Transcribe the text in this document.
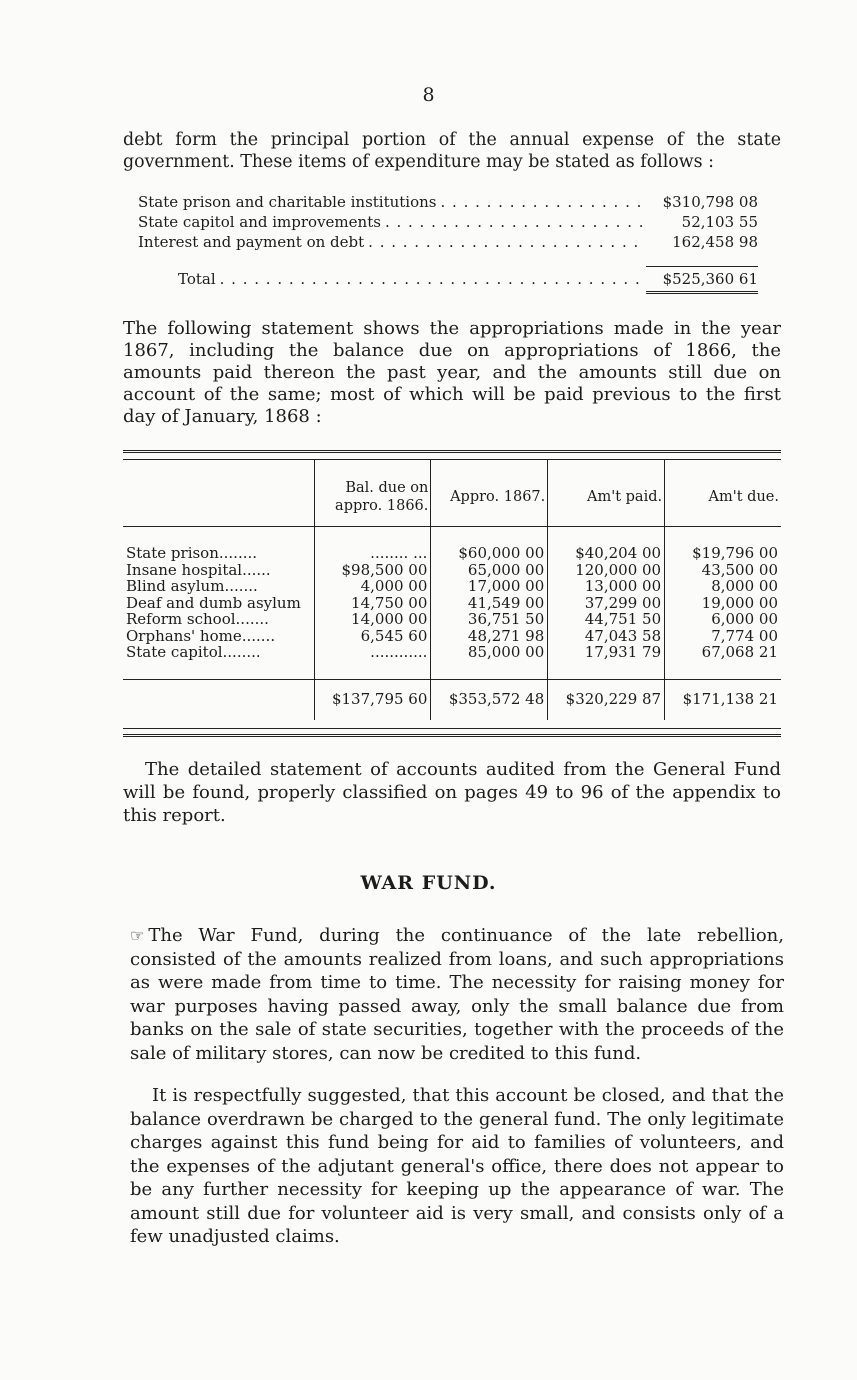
8

debt form the principal portion of the annual expense of the state government. These items of expenditure may be stated as follows :

State prison and charitable institutions . . .	$310,798 08
State capitol and improvements . . .	52,103 55
Interest and payment on debt . . .	162,458 98
Total . . .	$525,360 61

The following statement shows the appropriations made in the year 1867, including the balance due on appropriations of 1866, the amounts paid thereon the past year, and the amounts still due on account of the same; most of which will be paid previous to the first day of January, 1868 :

	Bal. due on appro. 1866.	Appro. 1867.	Am't paid.	Am't due.

State prison........	........ ...	$60,000 00	$40,204 00	$19,796 00
Insane hospital......	$98,500 00	65,000 00	120,000 00	43,500 00
Blind asylum.......	4,000 00	17,000 00	13,000 00	8,000 00
Deaf and dumb asylum	14,750 00	41,549 00	37,299 00	19,000 00
Reform school.......	14,000 00	36,751 50	44,751 50	6,000 00
Orphans' home.......	6,545 60	48,271 98	47,043 58	7,774 00
State capitol........	............	85,000 00	17,931 79	67,068 21

	$137,795 60	$353,572 48	$320,229 87	$171,138 21

The detailed statement of accounts audited from the General Fund will be found, properly classified on pages 49 to 96 of the appendix to this report.

WAR FUND.

☞ The War Fund, during the continuance of the late rebellion, consisted of the amounts realized from loans, and such appropriations as were made from time to time. The necessity for raising money for war purposes having passed away, only the small balance due from banks on the sale of state securities, together with the proceeds of the sale of military stores, can now be credited to this fund.

It is respectfully suggested, that this account be closed, and that the balance overdrawn be charged to the general fund. The only legitimate charges against this fund being for aid to families of volunteers, and the expenses of the adjutant general's office, there does not appear to be any further necessity for keeping up the appearance of war. The amount still due for volunteer aid is very small, and consists only of a few unadjusted claims.
